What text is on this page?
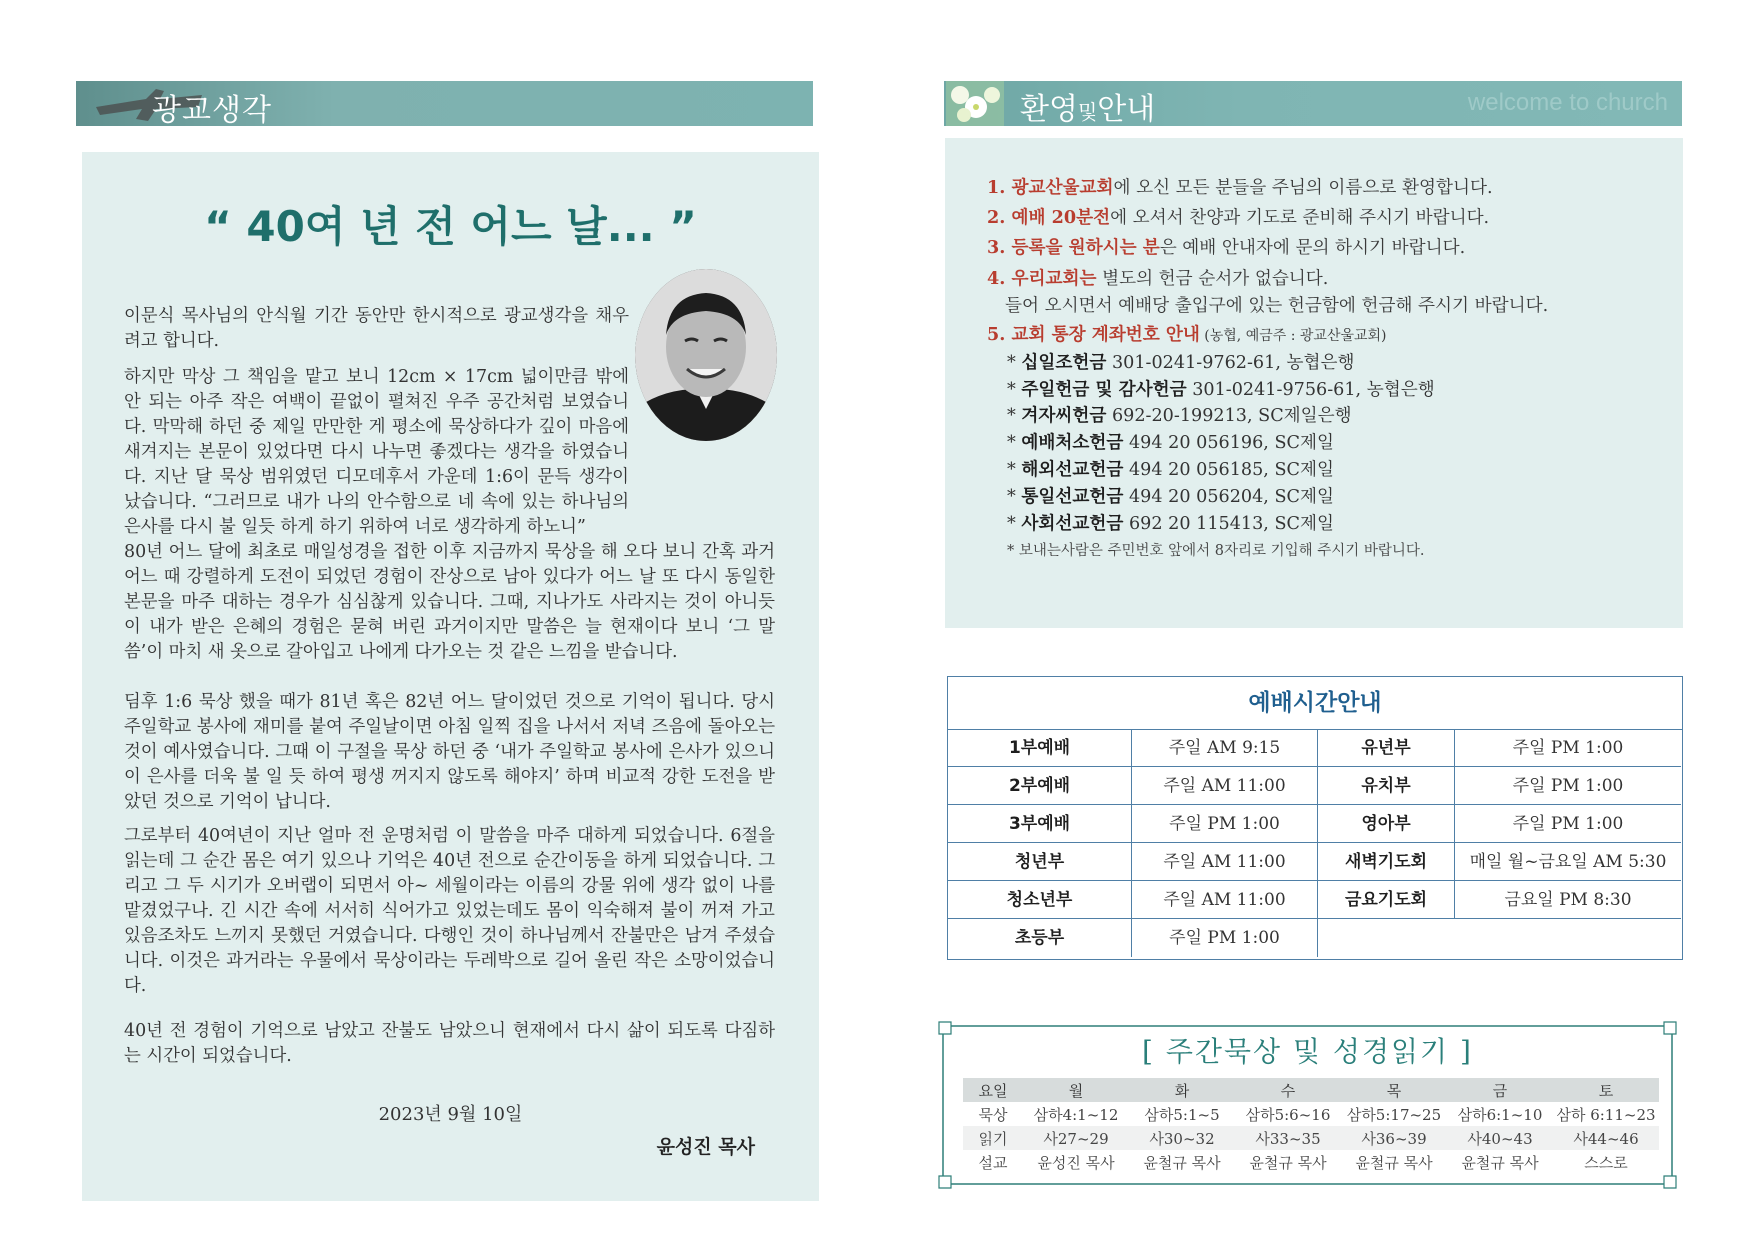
광교생각
“ 40여 년 전 어느 날... ”

이문식 목사님의 안식월 기간 동안만 한시적으로 광교생각을 채우려고 합니다.

하지만 막상 그 책임을 맡고 보니 12cm × 17cm 넓이만큼 밖에 안 되는 아주 작은 여백이 끝없이 펼쳐진 우주 공간처럼 보였습니다. 막막해 하던 중 제일 만만한 게 평소에 묵상하다가 깊이 마음에 새겨지는 본문이 있었다면 다시 나누면 좋겠다는 생각을 하였습니다. 지난 달 묵상 범위였던 디모데후서 가운데 1:6이 문득 생각이 났습니다. “그러므로 내가 나의 안수함으로 네 속에 있는 하나님의 은사를 다시 불 일듯 하게 하기 위하여 너로 생각하게 하노니”

80년 어느 달에 최초로 매일성경을 접한 이후 지금까지 묵상을 해 오다 보니 간혹 과거 어느 때 강렬하게 도전이 되었던 경험이 잔상으로 남아 있다가 어느 날 또 다시 동일한 본문을 마주 대하는 경우가 심심찮게 있습니다. 그때, 지나가도 사라지는 것이 아니듯이 내가 받은 은혜의 경험은 묻혀 버린 과거이지만 말씀은 늘 현재이다 보니 ‘그 말씀’이 마치 새 옷으로 갈아입고 나에게 다가오는 것 같은 느낌을 받습니다.

딤후 1:6 묵상 했을 때가 81년 혹은 82년 어느 달이었던 것으로 기억이 됩니다. 당시 주일학교 봉사에 재미를 붙여 주일날이면 아침 일찍 집을 나서서 저녁 즈음에 돌아오는 것이 예사였습니다. 그때 이 구절을 묵상 하던 중 ‘내가 주일학교 봉사에 은사가 있으니 이 은사를 더욱 불 일 듯 하여 평생 꺼지지 않도록 해야지’ 하며 비교적 강한 도전을 받았던 것으로 기억이 납니다.

그로부터 40여년이 지난 얼마 전 운명처럼 이 말씀을 마주 대하게 되었습니다. 6절을 읽는데 그 순간 몸은 여기 있으나 기억은 40년 전으로 순간이동을 하게 되었습니다. 그리고 그 두 시기가 오버랩이 되면서 아~ 세월이라는 이름의 강물 위에 생각 없이 나를 맡겼었구나. 긴 시간 속에 서서히 식어가고 있었는데도 몸이 익숙해져 불이 꺼져 가고 있음조차도 느끼지 못했던 거였습니다. 다행인 것이 하나님께서 잔불만은 남겨 주셨습니다. 이것은 과거라는 우물에서 묵상이라는 두레박으로 길어 올린 작은 소망이었습니다.

40년 전 경험이 기억으로 남았고 잔불도 남았으니 현재에서 다시 삶이 되도록 다짐하는 시간이 되었습니다.

2023년 9월 10일
윤성진 목사
환영및안내	welcome to church
1. 광교산울교회에 오신 모든 분들을 주님의 이름으로 환영합니다.
2. 예배 20분전에 오셔서 찬양과 기도로 준비해 주시기 바랍니다.
3. 등록을 원하시는 분은 예배 안내자에 문의 하시기 바랍니다.
4. 우리교회는 별도의 헌금 순서가 없습니다.
들어 오시면서 예배당 출입구에 있는 헌금함에 헌금해 주시기 바랍니다.
5. 교회 통장 계좌번호 안내 (농협, 예금주 : 광교산울교회)
* 십일조헌금 301-0241-9762-61, 농협은행
* 주일헌금 및 감사헌금 301-0241-9756-61, 농협은행
* 겨자씨헌금 692-20-199213, SC제일은행
* 예배처소헌금 494 20 056196, SC제일
* 해외선교헌금 494 20 056185, SC제일
* 통일선교헌금 494 20 056204, SC제일
* 사회선교헌금 692 20 115413, SC제일
* 보내는사람은 주민번호 앞에서 8자리로 기입해 주시기 바랍니다.
예배시간안내
1부예배	주일 AM 9:15	유년부	주일 PM 1:00
2부예배	주일 AM 11:00	유치부	주일 PM 1:00
3부예배	주일 PM 1:00	영아부	주일 PM 1:00
청년부	주일 AM 11:00	새벽기도회	매일 월~금요일 AM 5:30
청소년부	주일 AM 11:00	금요기도회	금요일 PM 8:30
초등부	주일 PM 1:00
[ 주간묵상 및 성경읽기 ]
요일	월	화	수	목	금	토
묵상	삼하4:1~12	삼하5:1~5	삼하5:6~16	삼하5:17~25	삼하6:1~10	삼하 6:11~23
읽기	사27~29	사30~32	사33~35	사36~39	사40~43	사44~46
설교	윤성진 목사	윤철규 목사	윤철규 목사	윤철규 목사	윤철규 목사	스스로
